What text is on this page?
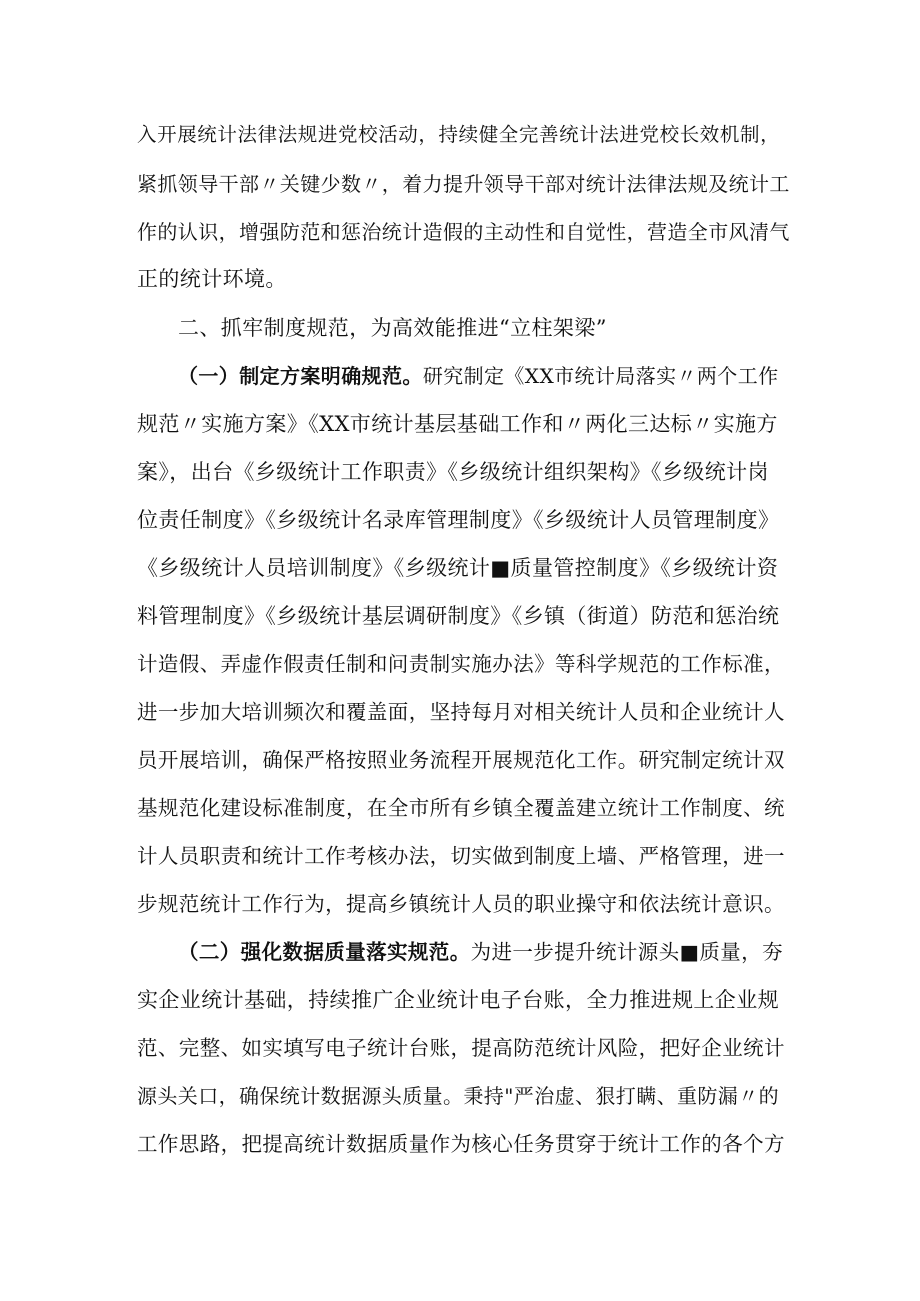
入开展统计法律法规进党校活动，持续健全完善统计法进党校长效机制，
紧抓领导干部〃关键少数〃，着力提升领导干部对统计法律法规及统计工
作的认识，增强防范和惩治统计造假的主动性和自觉性，营造全市风清气
正的统计环境。
二、抓牢制度规范，为高效能推进“立柱架梁”
（一）制定方案明确规范。研究制定《XX市统计局落实〃两个工作
规范〃实施方案》《XX市统计基层基础工作和〃两化三达标〃实施方
案》，出台《乡级统计工作职责》《乡级统计组织架构》《乡级统计岗
位责任制度》《乡级统计名录库管理制度》《乡级统计人员管理制度》
《乡级统计人员培训制度》《乡级统计■质量管控制度》《乡级统计资
料管理制度》《乡级统计基层调研制度》《乡镇（街道）防范和惩治统
计造假、弄虚作假责任制和问责制实施办法》等科学规范的工作标准，
进一步加大培训频次和覆盖面，坚持每月对相关统计人员和企业统计人
员开展培训，确保严格按照业务流程开展规范化工作。研究制定统计双
基规范化建设标准制度，在全市所有乡镇全覆盖建立统计工作制度、统
计人员职责和统计工作考核办法，切实做到制度上墙、严格管理，进一
步规范统计工作行为，提高乡镇统计人员的职业操守和依法统计意识。
（二）强化数据质量落实规范。为进一步提升统计源头■质量，夯
实企业统计基础，持续推广企业统计电子台账，全力推进规上企业规
范、完整、如实填写电子统计台账，提高防范统计风险，把好企业统计
源头关口，确保统计数据源头质量。秉持"严治虚、狠打瞒、重防漏〃的
工作思路，把提高统计数据质量作为核心任务贯穿于统计工作的各个方
